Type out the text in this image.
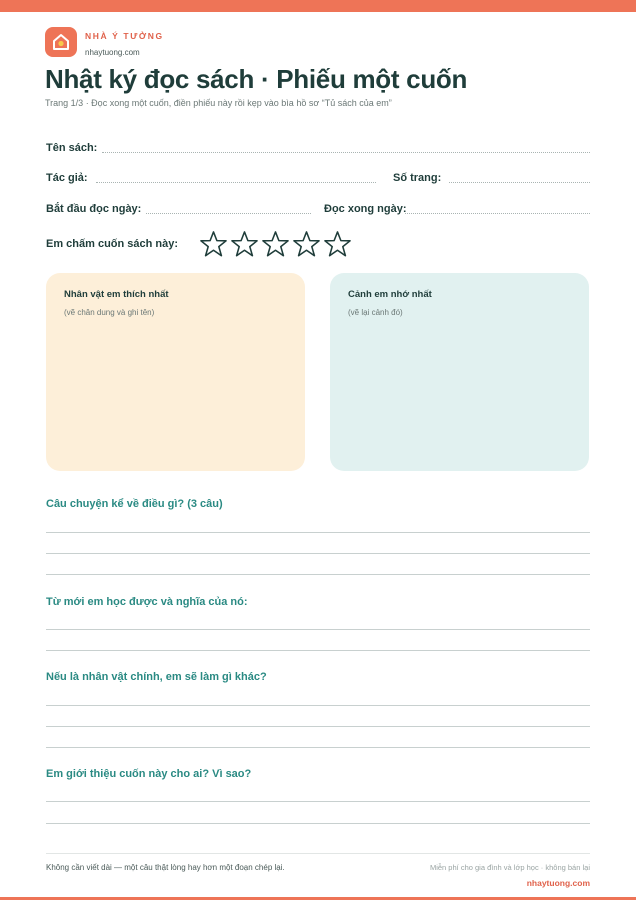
NHÀ Ý TƯỞNG
nhaytuong.com
Nhật ký đọc sách · Phiếu một cuốn
Trang 1/3 · Đọc xong một cuốn, điền phiếu này rồi kẹp vào bìa hồ sơ “Tủ sách của em”
Tên sách:
Tác giả:	Số trang:
Bắt đầu đọc ngày:	Đọc xong ngày:
Em chấm cuốn sách này:
Nhân vật em thích nhất
(vẽ chân dung và ghi tên)
Cảnh em nhớ nhất
(vẽ lại cảnh đó)
Câu chuyện kể về điều gì? (3 câu)
Từ mới em học được và nghĩa của nó:
Nếu là nhân vật chính, em sẽ làm gì khác?
Em giới thiệu cuốn này cho ai? Vì sao?
Không cần viết dài — một câu thật lòng hay hơn một đoạn chép lại.	Miễn phí cho gia đình và lớp học · không bán lại
nhaytuong.com
